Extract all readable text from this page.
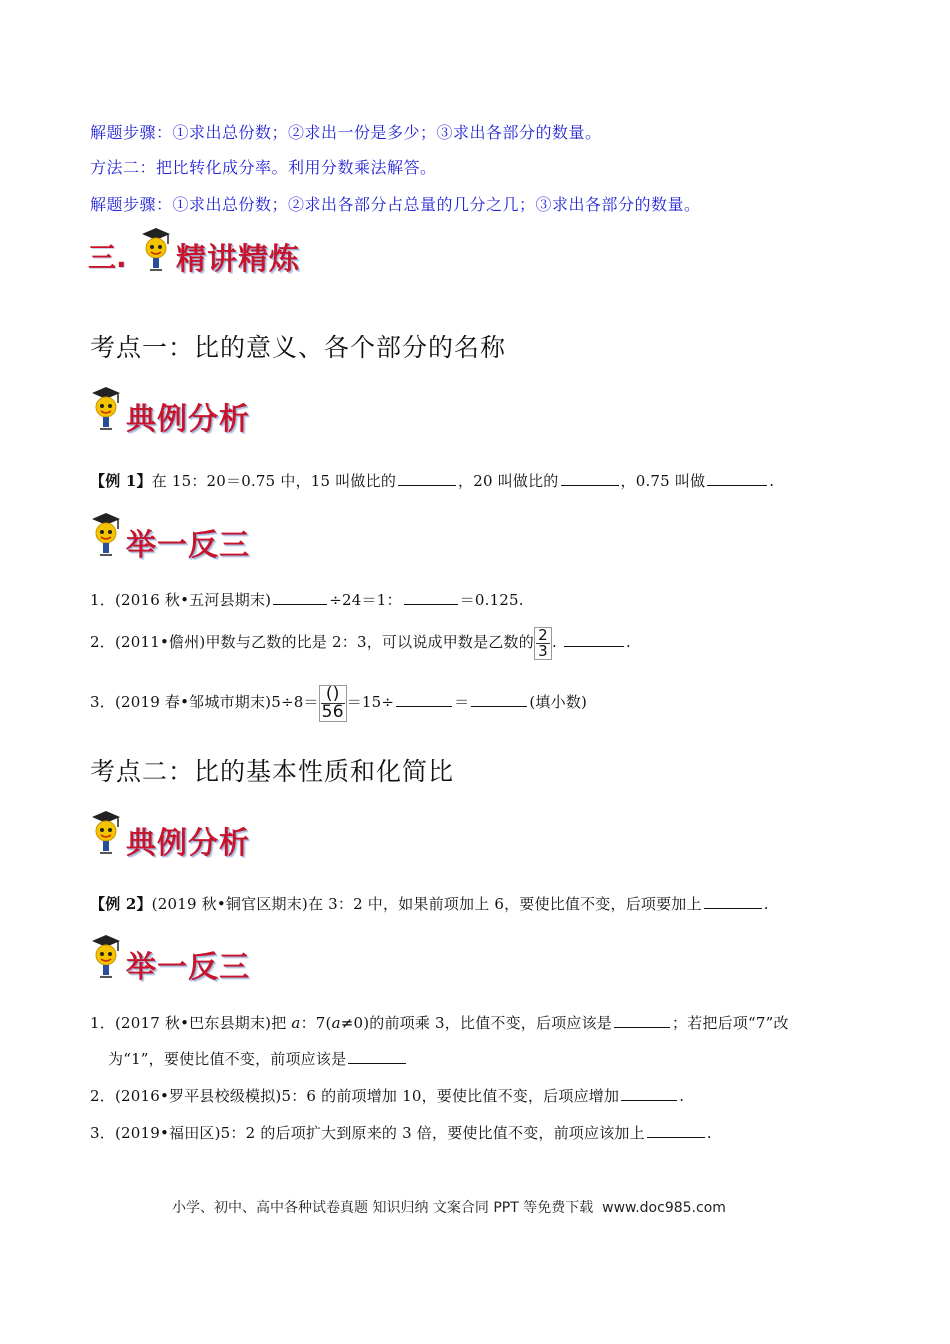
解题步骤：①求出总份数；②求出一份是多少；③求出各部分的数量。
方法二：把比转化成分率。利用分数乘法解答。
解题步骤：①求出总份数；②求出各部分占总量的几分之几；③求出各部分的数量。
三. 精讲精炼
考点一：比的意义、各个部分的名称
典例分析
【例 1】在 15：20＝0.75 中，15 叫做比的	，20 叫做比的	，0.75 叫做	.
举一反三
1．(2016 秋•五河县期末)	÷24＝1：	＝0.125.
2．(2011•儋州)甲数与乙数的比是 2：3，可以说成甲数是乙数的 $\frac{2}{3}$ .	.
3．(2019 春•邹城市期末)$5\div 8= \frac{()}{56} =15\div$	＝	(填小数)
考点二：比的基本性质和化简比
典例分析
【例 2】(2019 秋•铜官区期末)在 3：2 中，如果前项加上 6，要使比值不变，后项要加上	.
举一反三
1．(2017 秋•巴东县期末)把 a：7(a≠0)的前项乘 3，比值不变，后项应该是	；若把后项“7”改
为“1”，要使比值不变，前项应该是
2．(2016•罗平县校级模拟)5：6 的前项增加 10，要使比值不变，后项应增加	.
3．(2019•福田区)5：2 的后项扩大到原来的 3 倍，要使比值不变，前项应该加上	.
小学、初中、高中各种试卷真题 知识归纳 文案合同 PPT 等免费下载 www.doc985.com
